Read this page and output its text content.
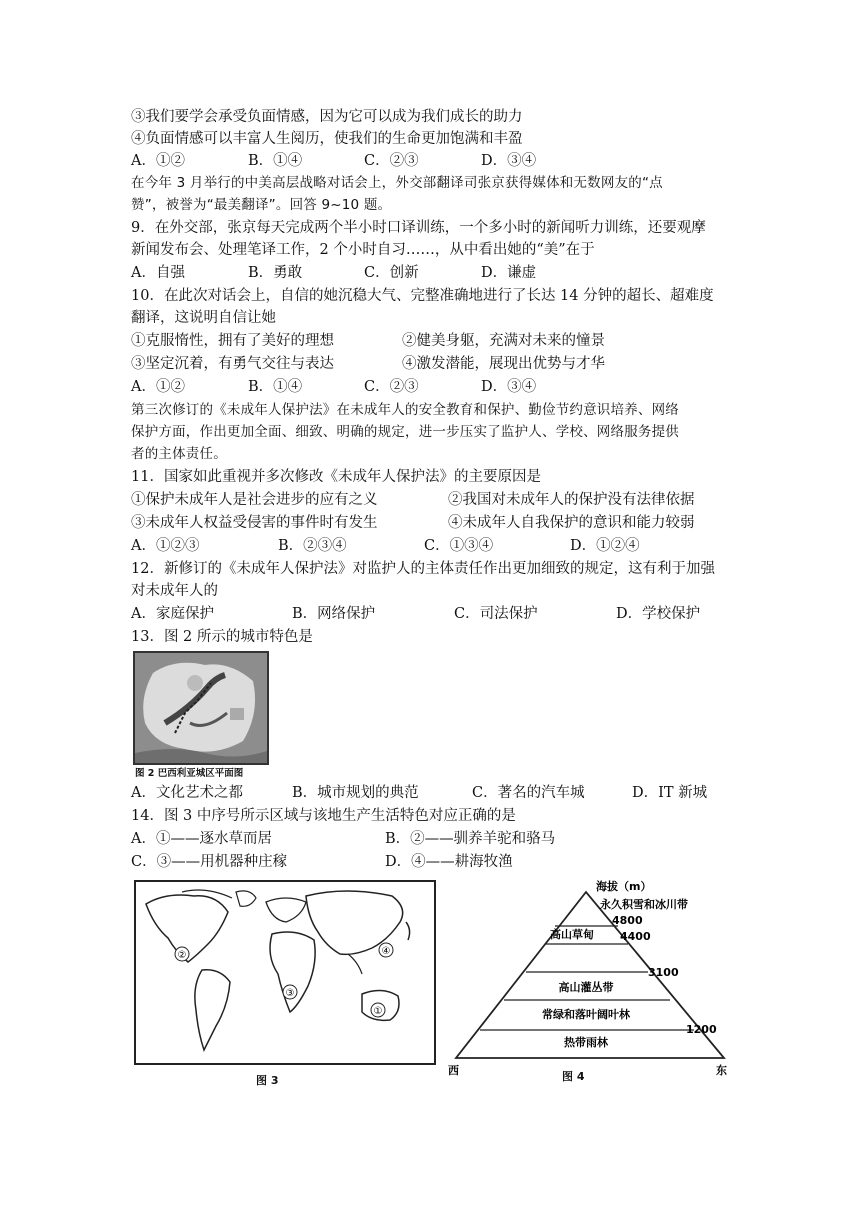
③我们要学会承受负面情感，因为它可以成为我们成长的助力
④负面情感可以丰富人生阅历，使我们的生命更加饱满和丰盈
A．①②	B．①④	C．②③	D．③④
在今年 3 月举行的中美高层战略对话会上，外交部翻译司张京获得媒体和无数网友的“点
赞”，被誉为“最美翻译”。回答 9~10 题。
9．在外交部，张京每天完成两个半小时口译训练，一个多小时的新闻听力训练，还要观摩
新闻发布会、处理笔译工作，2 个小时自习……，从中看出她的“美”在于
A．自强	B．勇敢	C．创新	D．谦虚
10．在此次对话会上，自信的她沉稳大气、完整准确地进行了长达 14 分钟的超长、超难度
翻译，这说明自信让她
①克服惰性，拥有了美好的理想	②健美身躯，充满对未来的憧景
③坚定沉着，有勇气交往与表达	④激发潜能，展现出优势与才华
A．①②	B．①④	C．②③	D．③④
第三次修订的《未成年人保护法》在未成年人的安全教育和保护、勤俭节约意识培养、网络
保护方面，作出更加全面、细致、明确的规定，进一步压实了监护人、学校、网络服务提供
者的主体责任。
11．国家如此重视并多次修改《未成年人保护法》的主要原因是
①保护未成年人是社会进步的应有之义	②我国对未成年人的保护没有法律依据
③未成年人权益受侵害的事件时有发生	④未成年人自我保护的意识和能力较弱
A．①②③	B．②③④	C．①③④	D．①②④
12．新修订的《未成年人保护法》对监护人的主体责任作出更加细致的规定，这有利于加强
对未成年人的
A．家庭保护	B．网络保护	C．司法保护	D．学校保护
13．图 2 所示的城市特色是
图 2 巴西利亚城区平面图
A．文化艺术之都	B．城市规划的典范	C．著名的汽车城	D．IT 新城
14．图 3 中序号所示区域与该地生产生活特色对应正确的是
A．①——逐水草而居	B．②——驯养羊驼和骆马
C．③——用机器种庄稼	D．④——耕海牧渔
②
③
④
①
图 3
热带雨林
常绿和落叶阔叶林
高山灌丛带
高山草甸
永久积雪和冰川带
海拔（m）
4800
4400
3100
1200
西	东
图 4
